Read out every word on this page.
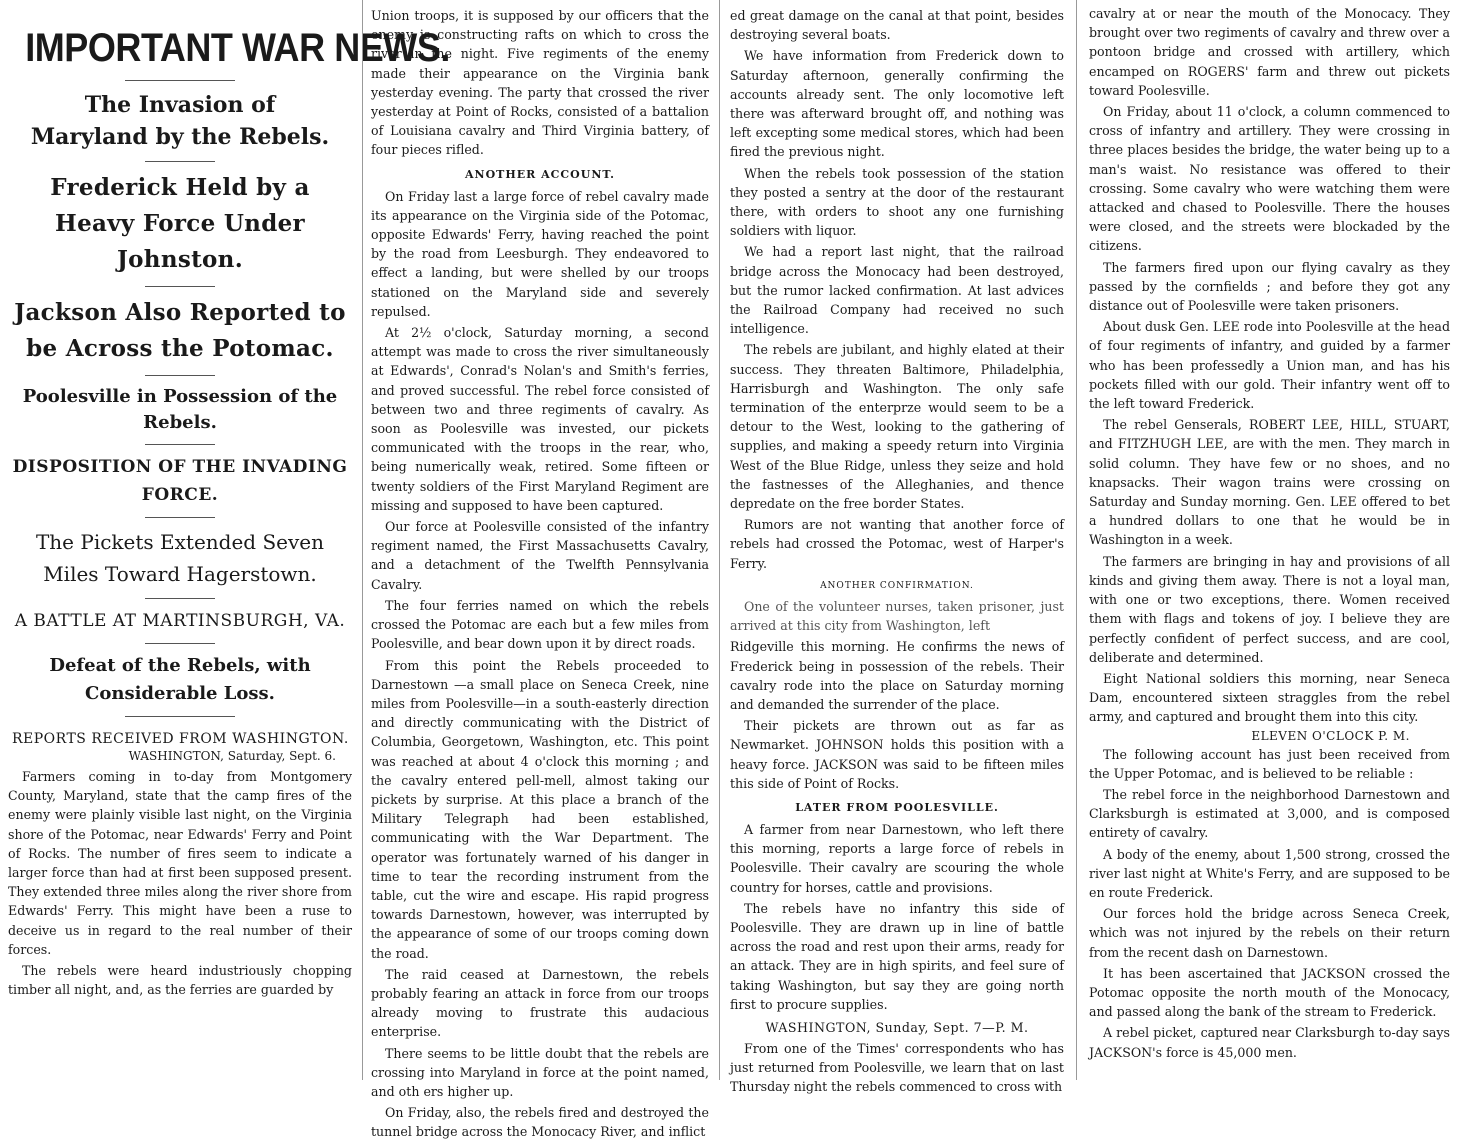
IMPORTANT WAR NEWS.
The Invasion of Maryland by the Rebels.
Frederick Held by a Heavy Force Under Johnston.
Jackson Also Reported to be Across the Potomac.
Poolesville in Possession of the Rebels.
DISPOSITION OF THE INVADING FORCE.
The Pickets Extended Seven Miles Toward Hagerstown.
A BATTLE AT MARTINSBURGH, VA.
Defeat of the Rebels, with Considerable Loss.
REPORTS RECEIVED FROM WASHINGTON.
WASHINGTON, Saturday, Sept. 6.

Farmers coming in to-day from Montgomery County, Maryland, state that the camp fires of the enemy were plainly visible last night, on the Virginia shore of the Potomac, near Edwards' Ferry and Point of Rocks. The number of fires seem to indicate a larger force than had at first been supposed present. They extended three miles along the river shore from Edwards' Ferry. This might have been a ruse to deceive us in regard to the real number of their forces.

The rebels were heard industriously chopping timber all night, and, as the ferries are guarded by

Union troops, it is supposed by our officers that the enemy is constructing rafts on which to cross the river in the night. Five regiments of the enemy made their appearance on the Virginia bank yesterday evening. The party that crossed the river yesterday at Point of Rocks, consisted of a battalion of Louisiana cavalry and Third Virginia battery, of four pieces rifled.

ANOTHER ACCOUNT.

On Friday last a large force of rebel cavalry made its appearance on the Virginia side of the Potomac, opposite Edwards' Ferry, having reached the point by the road from Leesburgh. They endeavored to effect a landing, but were shelled by our troops stationed on the Maryland side and severely repulsed.

At 2½ o'clock, Saturday morning, a second attempt was made to cross the river simultaneously at Edwards', Conrad's Nolan's and Smith's ferries, and proved successful. The rebel force consisted of between two and three regiments of cavalry. As soon as Poolesville was invested, our pickets communicated with the troops in the rear, who, being numerically weak, retired. Some fifteen or twenty soldiers of the First Maryland Regiment are missing and supposed to have been captured.

Our force at Poolesville consisted of the infantry regiment named, the First Massachusetts Cavalry, and a detachment of the Twelfth Pennsylvania Cavalry.

The four ferries named on which the rebels crossed the Potomac are each but a few miles from Poolesville, and bear down upon it by direct roads.

From this point the Rebels proceeded to Darnestown —a small place on Seneca Creek, nine miles from Poolesville—in a south-easterly direction and directly communicating with the District of Columbia, Georgetown, Washington, etc. This point was reached at about 4 o'clock this morning ; and the cavalry entered pell-mell, almost taking our pickets by surprise. At this place a branch of the Military Telegraph had been established, communicating with the War Department. The operator was fortunately warned of his danger in time to tear the recording instrument from the table, cut the wire and escape. His rapid progress towards Darnestown, however, was interrupted by the appearance of some of our troops coming down the road.

The raid ceased at Darnestown, the rebels probably fearing an attack in force from our troops already moving to frustrate this audacious enterprise.

There seems to be little doubt that the rebels are crossing into Maryland in force at the point named, and oth ers higher up.

On Friday, also, the rebels fired and destroyed the tunnel bridge across the Monocacy River, and inflict

ed great damage on the canal at that point, besides destroying several boats.

We have information from Frederick down to Saturday afternoon, generally confirming the accounts already sent. The only locomotive left there was afterward brought off, and nothing was left excepting some medical stores, which had been fired the previous night.

When the rebels took possession of the station they posted a sentry at the door of the restaurant there, with orders to shoot any one furnishing soldiers with liquor.

We had a report last night, that the railroad bridge across the Monocacy had been destroyed, but the rumor lacked confirmation. At last advices the Railroad Company had received no such intelligence.

The rebels are jubilant, and highly elated at their success. They threaten Baltimore, Philadelphia, Harrisburgh and Washington. The only safe termination of the enterprze would seem to be a detour to the West, looking to the gathering of supplies, and making a speedy return into Virginia West of the Blue Ridge, unless they seize and hold the fastnesses of the Alleghanies, and thence depredate on the free border States.

Rumors are not wanting that another force of rebels had crossed the Potomac, west of Harper's Ferry.

ANOTHER CONFIRMATION.

One of the volunteer nurses, taken prisoner, just arrived at this city from Washington, left

Ridgeville this morning. He confirms the news of Frederick being in possession of the rebels. Their cavalry rode into the place on Saturday morning and demanded the surrender of the place.

Their pickets are thrown out as far as Newmarket. JOHNSON holds this position with a heavy force. JACKSON was said to be fifteen miles this side of Point of Rocks.

LATER FROM POOLESVILLE.

A farmer from near Darnestown, who left there this morning, reports a large force of rebels in Poolesville. Their cavalry are scouring the whole country for horses, cattle and provisions.

The rebels have no infantry this side of Poolesville. They are drawn up in line of battle across the road and rest upon their arms, ready for an attack. They are in high spirits, and feel sure of taking Washington, but say they are going north first to procure supplies.

WASHINGTON, Sunday, Sept. 7—P. M.

From one of the Times' correspondents who has just returned from Poolesville, we learn that on last Thursday night the rebels commenced to cross with

cavalry at or near the mouth of the Monocacy. They brought over two regiments of cavalry and threw over a pontoon bridge and crossed with artillery, which encamped on ROGERS' farm and threw out pickets toward Poolesville.

On Friday, about 11 o'clock, a column commenced to cross of infantry and artillery. They were crossing in three places besides the bridge, the water being up to a man's waist. No resistance was offered to their crossing. Some cavalry who were watching them were attacked and chased to Poolesville. There the houses were closed, and the streets were blockaded by the citizens.

The farmers fired upon our flying cavalry as they passed by the cornfields ; and before they got any distance out of Poolesville were taken prisoners.

About dusk Gen. LEE rode into Poolesville at the head of four regiments of infantry, and guided by a farmer who has been professedly a Union man, and has his pockets filled with our gold. Their infantry went off to the left toward Frederick.

The rebel Genserals, ROBERT LEE, HILL, STUART, and FITZHUGH LEE, are with the men. They march in solid column. They have few or no shoes, and no knapsacks. Their wagon trains were crossing on Saturday and Sunday morning. Gen. LEE offered to bet a hundred dollars to one that he would be in Washington in a week.

The farmers are bringing in hay and provisions of all kinds and giving them away. There is not a loyal man, with one or two exceptions, there. Women received them with flags and tokens of joy. I believe they are perfectly confident of perfect success, and are cool, deliberate and determined.

Eight National soldiers this morning, near Seneca Dam, encountered sixteen straggles from the rebel army, and captured and brought them into this city.

ELEVEN O'CLOCK P. M.

The following account has just been received from the Upper Potomac, and is believed to be reliable :

The rebel force in the neighborhood Darnestown and Clarksburgh is estimated at 3,000, and is composed entirety of cavalry.

A body of the enemy, about 1,500 strong, crossed the river last night at White's Ferry, and are supposed to be en route Frederick.

Our forces hold the bridge across Seneca Creek, which was not injured by the rebels on their return from the recent dash on Darnestown.

It has been ascertained that JACKSON crossed the Potomac opposite the north mouth of the Monocacy, and passed along the bank of the stream to Frederick.

A rebel picket, captured near Clarksburgh to-day says JACKSON's force is 45,000 men.
